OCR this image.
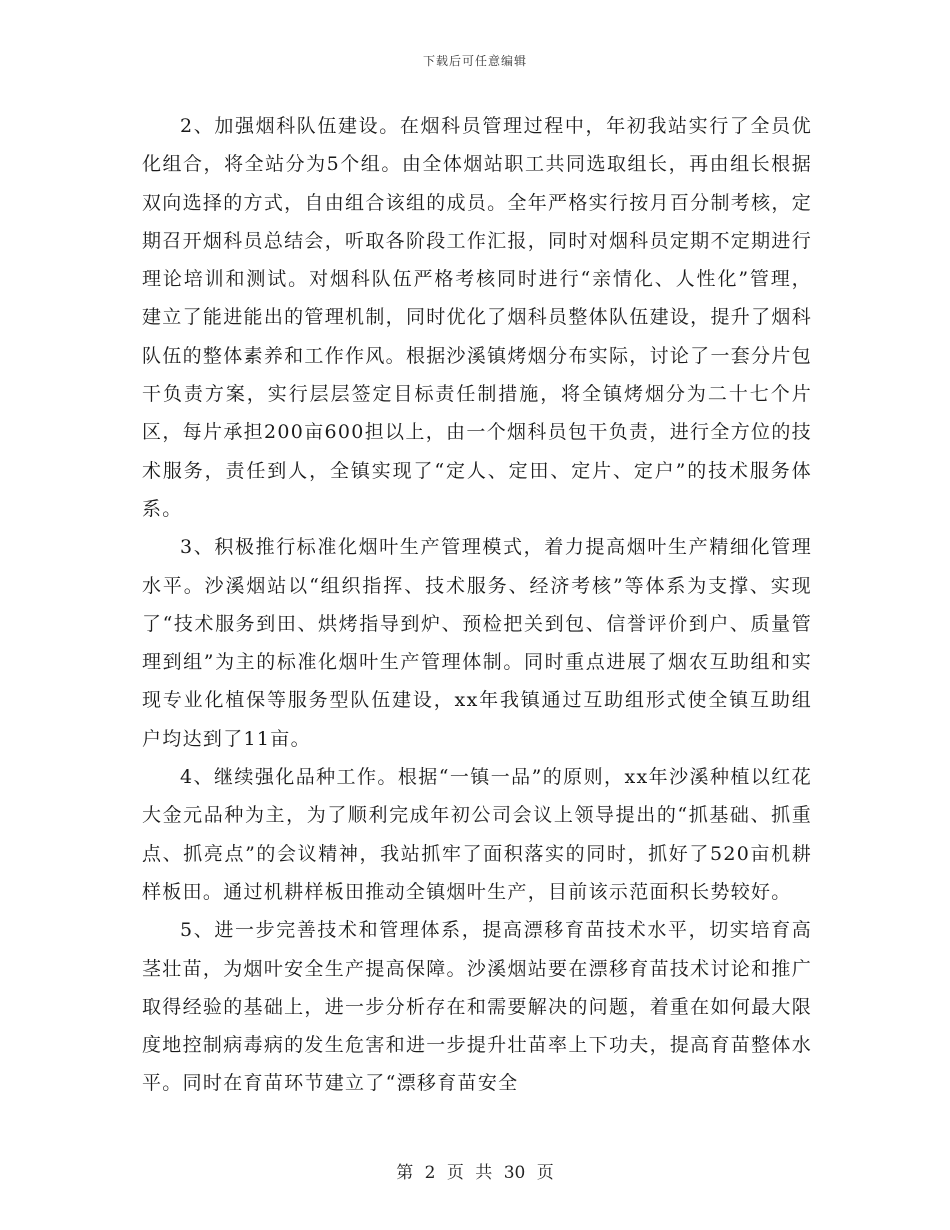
下载后可任意编辑

2、加强烟科队伍建设。在烟科员管理过程中，年初我站实行了全员优化组合，将全站分为5个组。由全体烟站职工共同选取组长，再由组长根据双向选择的方式，自由组合该组的成员。全年严格实行按月百分制考核，定期召开烟科员总结会，听取各阶段工作汇报，同时对烟科员定期不定期进行理论培训和测试。对烟科队伍严格考核同时进行“亲情化、人性化”管理，建立了能进能出的管理机制，同时优化了烟科员整体队伍建设，提升了烟科队伍的整体素养和工作作风。根据沙溪镇烤烟分布实际，讨论了一套分片包干负责方案，实行层层签定目标责任制措施，将全镇烤烟分为二十七个片区，每片承担200亩600担以上，由一个烟科员包干负责，进行全方位的技术服务，责任到人，全镇实现了“定人、定田、定片、定户”的技术服务体系。

3、积极推行标准化烟叶生产管理模式，着力提高烟叶生产精细化管理水平。沙溪烟站以“组织指挥、技术服务、经济考核”等体系为支撑、实现了“技术服务到田、烘烤指导到炉、预检把关到包、信誉评价到户、质量管理到组”为主的标准化烟叶生产管理体制。同时重点进展了烟农互助组和实现专业化植保等服务型队伍建设，xx年我镇通过互助组形式使全镇互助组户均达到了11亩。

4、继续强化品种工作。根据“一镇一品”的原则，xx年沙溪种植以红花大金元品种为主，为了顺利完成年初公司会议上领导提出的“抓基础、抓重点、抓亮点”的会议精神，我站抓牢了面积落实的同时，抓好了520亩机耕样板田。通过机耕样板田推动全镇烟叶生产，目前该示范面积长势较好。

5、进一步完善技术和管理体系，提高漂移育苗技术水平，切实培育高茎壮苗，为烟叶安全生产提高保障。沙溪烟站要在漂移育苗技术讨论和推广取得经验的基础上，进一步分析存在和需要解决的问题，着重在如何最大限度地控制病毒病的发生危害和进一步提升壮苗率上下功夫，提高育苗整体水平。同时在育苗环节建立了“漂移育苗安全

第 2 页 共 30 页
